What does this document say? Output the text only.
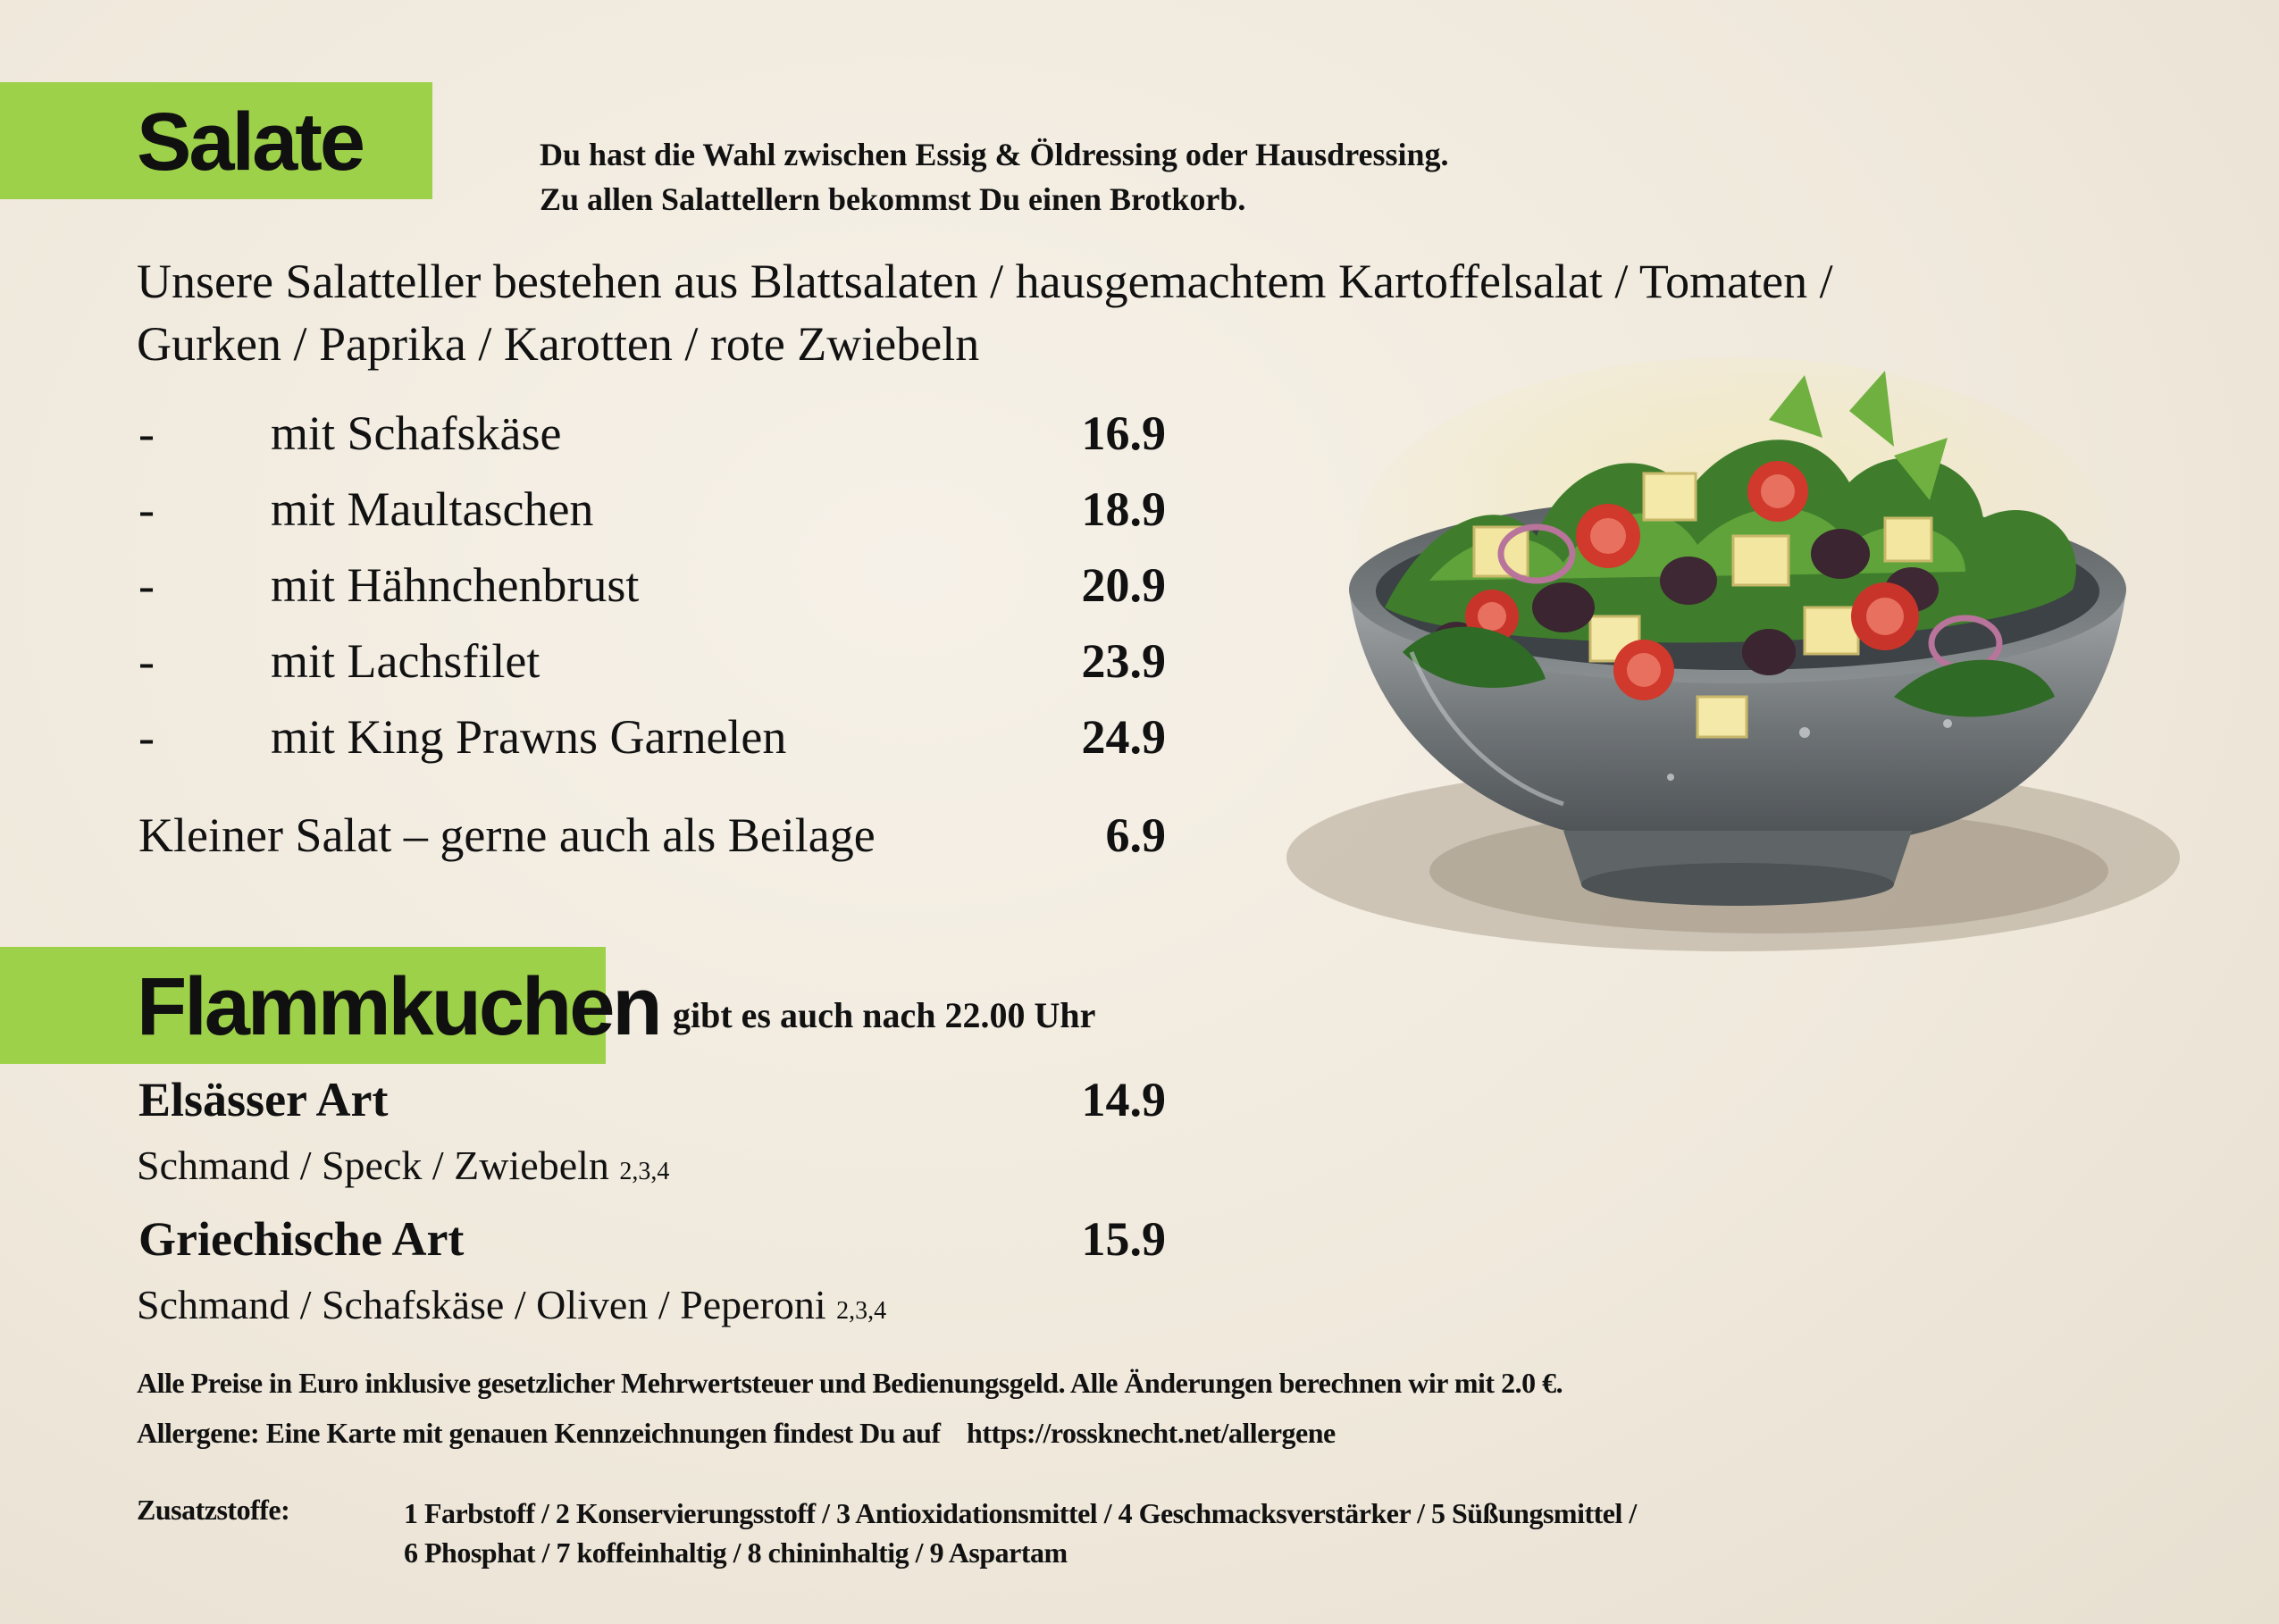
Salate	Du hast die Wahl zwischen Essig & Öldressing oder Hausdressing.
Zu allen Salattellern bekommst Du einen Brotkorb.
Unsere Salatteller bestehen aus Blattsalaten / hausgemachtem Kartoffelsalat / Tomaten /
Gurken / Paprika / Karotten / rote Zwiebeln
- mit Schafskäse	16.9
- mit Maultaschen	18.9
- mit Hähnchenbrust	20.9
- mit Lachsfilet	23.9
- mit King Prawns Garnelen	24.9
Kleiner Salat – gerne auch als Beilage	6.9
Flammkuchen gibt es auch nach 22.00 Uhr
Elsässer Art	14.9
Schmand / Speck / Zwiebeln 2,3,4
Griechische Art	15.9
Schmand / Schafskäse / Oliven / Peperoni 2,3,4
Alle Preise in Euro inklusive gesetzlicher Mehrwertsteuer und Bedienungsgeld. Alle Änderungen berechnen wir mit 2.0 €.
Allergene: Eine Karte mit genauen Kennzeichnungen findest Du auf https://rossknecht.net/allergene
Zusatzstoffe:	1 Farbstoff / 2 Konservierungsstoff / 3 Antioxidationsmittel / 4 Geschmacksverstärker / 5 Süßungsmittel /
6 Phosphat / 7 koffeinhaltig / 8 chininhaltig / 9 Aspartam
